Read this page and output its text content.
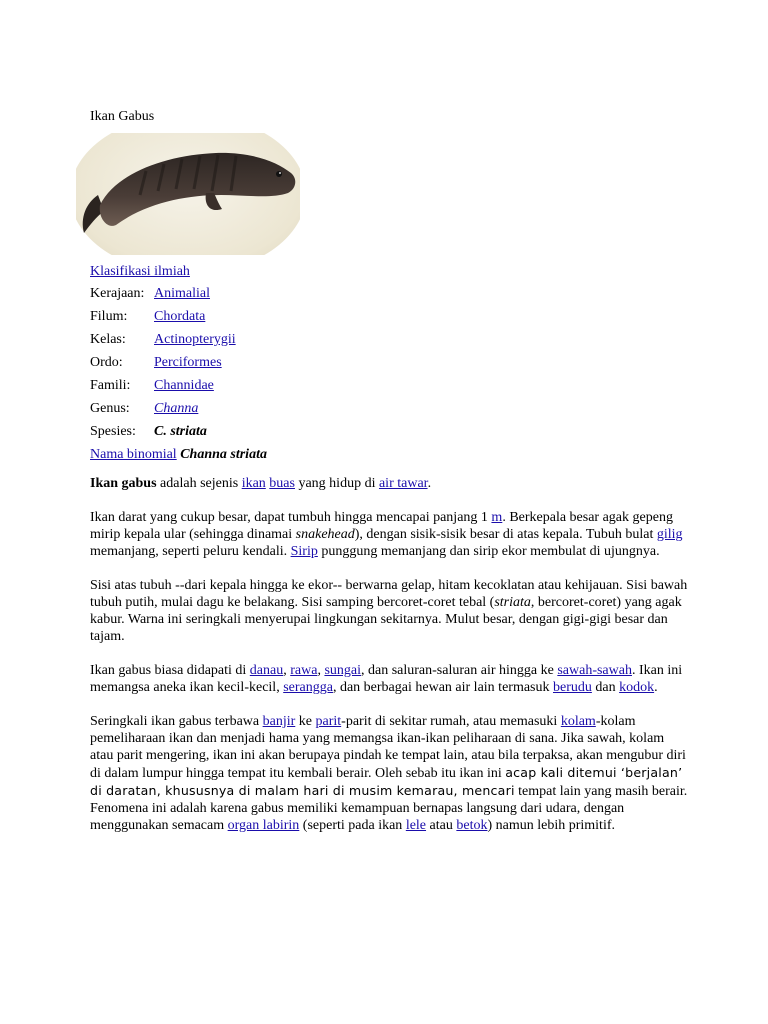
Ikan Gabus
Klasifikasi ilmiah
Kerajaan: Animalial
Filum:	Chordata
Kelas:	Actinopterygii
Ordo:	Perciformes
Famili:	Channidae
Genus:	Channa
Spesies:	C. striata
Nama binomial Channa striata

Ikan gabus adalah sejenis ikan buas yang hidup di air tawar.

Ikan darat yang cukup besar, dapat tumbuh hingga mencapai panjang 1 m. Berkepala besar agak gepeng mirip kepala ular (sehingga dinamai snakehead), dengan sisik-sisik besar di atas kepala. Tubuh bulat gilig memanjang, seperti peluru kendali. Sirip punggung memanjang dan sirip ekor membulat di ujungnya.

Sisi atas tubuh --dari kepala hingga ke ekor-- berwarna gelap, hitam kecoklatan atau kehijauan. Sisi bawah tubuh putih, mulai dagu ke belakang. Sisi samping bercoret-coret tebal (striata, bercoret-coret) yang agak kabur. Warna ini seringkali menyerupai lingkungan sekitarnya. Mulut besar, dengan gigi-gigi besar dan tajam.

Ikan gabus biasa didapati di danau, rawa, sungai, dan saluran-saluran air hingga ke sawah-sawah. Ikan ini memangsa aneka ikan kecil-kecil, serangga, dan berbagai hewan air lain termasuk berudu dan kodok.

Seringkali ikan gabus terbawa banjir ke parit-parit di sekitar rumah, atau memasuki kolam-kolam pemeliharaan ikan dan menjadi hama yang memangsa ikan-ikan peliharaan di sana. Jika sawah, kolam atau parit mengering, ikan ini akan berupaya pindah ke tempat lain, atau bila terpaksa, akan mengubur diri di dalam lumpur hingga tempat itu kembali berair. Oleh sebab itu ikan ini acap kali ditemui ‘berjalan’ di daratan, khususnya di malam hari di musim kemarau, mencari tempat lain yang masih berair. Fenomena ini adalah karena gabus memiliki kemampuan bernapas langsung dari udara, dengan menggunakan semacam organ labirin (seperti pada ikan lele atau betok) namun lebih primitif.
